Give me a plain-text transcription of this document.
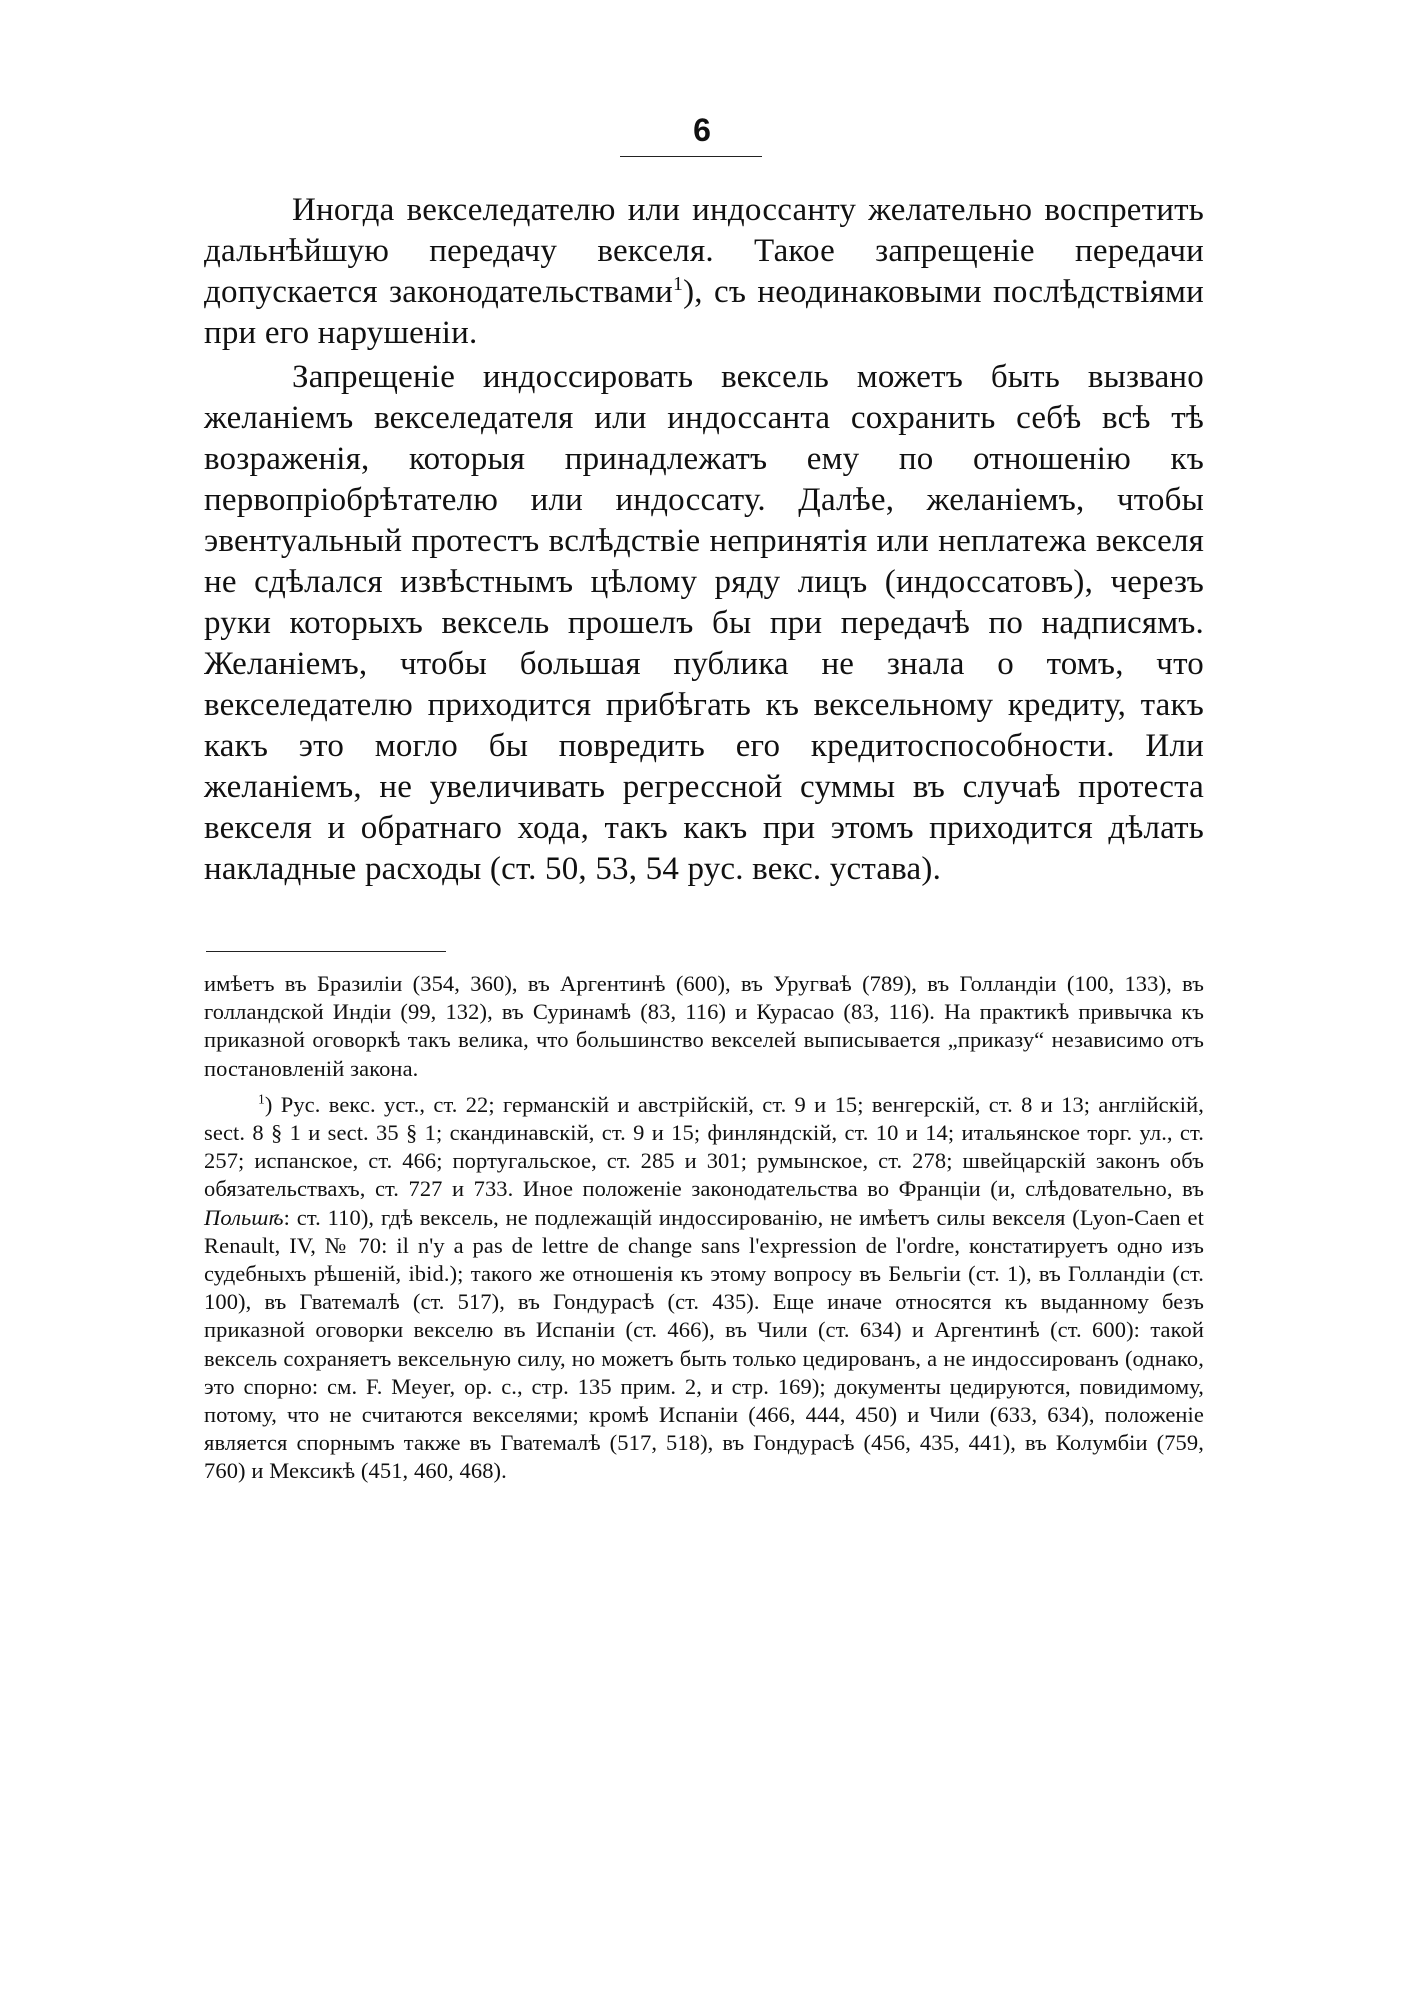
6

Иногда векселедателю или индоссанту желательно воспретить дальнѣйшую передачу векселя. Такое запрещеніе передачи допускается законодательствами$^1$), съ неодинаковыми послѣдствіями при его нарушеніи.

Запрещеніе индоссировать вексель можетъ быть вызвано желаніемъ векселедателя или индоссанта сохранить себѣ всѣ тѣ возраженія, которыя принадлежатъ ему по отношенію къ первопріобрѣтателю или индоссату. Далѣе, желаніемъ, чтобы эвентуальный протестъ вслѣдствіе непринятія или неплатежа векселя не сдѣлался извѣстнымъ цѣлому ряду лицъ (индоссатовъ), черезъ руки которыхъ вексель прошелъ бы при передачѣ по надписямъ. Желаніемъ, чтобы большая публика не знала о томъ, что векселедателю приходится прибѣгать къ вексельному кредиту, такъ какъ это могло бы повредить его кредитоспособности. Или желаніемъ, не увеличивать регрессной суммы въ случаѣ протеста векселя и обратнаго хода, такъ какъ при этомъ приходится дѣлать накладные расходы (ст. 50, 53, 54 рус. векс. устава).

имѣетъ въ Бразиліи (354, 360), въ Аргентинѣ (600), въ Уругваѣ (789), въ Голландіи (100, 133), въ голландской Индіи (99, 132), въ Суринамѣ (83, 116) и Курасао (83, 116). На практикѣ привычка къ приказной оговоркѣ такъ велика, что большинство векселей выписывается „приказу“ независимо отъ постановленій закона.

$^1$) Рус. векс. уст., ст. 22; германскій и австрійскій, ст. 9 и 15; венгерскій, ст. 8 и 13; англійскій, sect. 8 § 1 и sect. 35 § 1; скандинавскій, ст. 9 и 15; финляндскій, ст. 10 и 14; итальянское торг. ул., ст. 257; испанское, ст. 466; португальское, ст. 285 и 301; румынское, ст. 278; швейцарскій законъ объ обязательствахъ, ст. 727 и 733. Иное положеніе законодательства во Франціи (и, слѣдовательно, въ Польшѣ: ст. 110), гдѣ вексель, не подлежащій индоссированію, не имѣетъ силы векселя (Lyon-Caen et Renault, IV, № 70: il n'y a pas de lettre de change sans l'expression de l'ordre, констатируетъ одно изъ судебныхъ рѣшеній, ibid.); такого же отношенія къ этому вопросу въ Бельгіи (ст. 1), въ Голландіи (ст. 100), въ Гватемалѣ (ст. 517), въ Гондурасѣ (ст. 435). Еще иначе относятся къ выданному безъ приказной оговорки векселю въ Испаніи (ст. 466), въ Чили (ст. 634) и Аргентинѣ (ст. 600): такой вексель сохраняетъ вексельную силу, но можетъ быть только цедированъ, а не индоссированъ (однако, это спорно: см. F. Meyer, op. c., стр. 135 прим. 2, и стр. 169); документы цедируются, повидимому, потому, что не считаются векселями; кромѣ Испаніи (466, 444, 450) и Чили (633, 634), положеніе является спорнымъ также въ Гватемалѣ (517, 518), въ Гондурасѣ (456, 435, 441), въ Колумбіи (759, 760) и Мексикѣ (451, 460, 468).
